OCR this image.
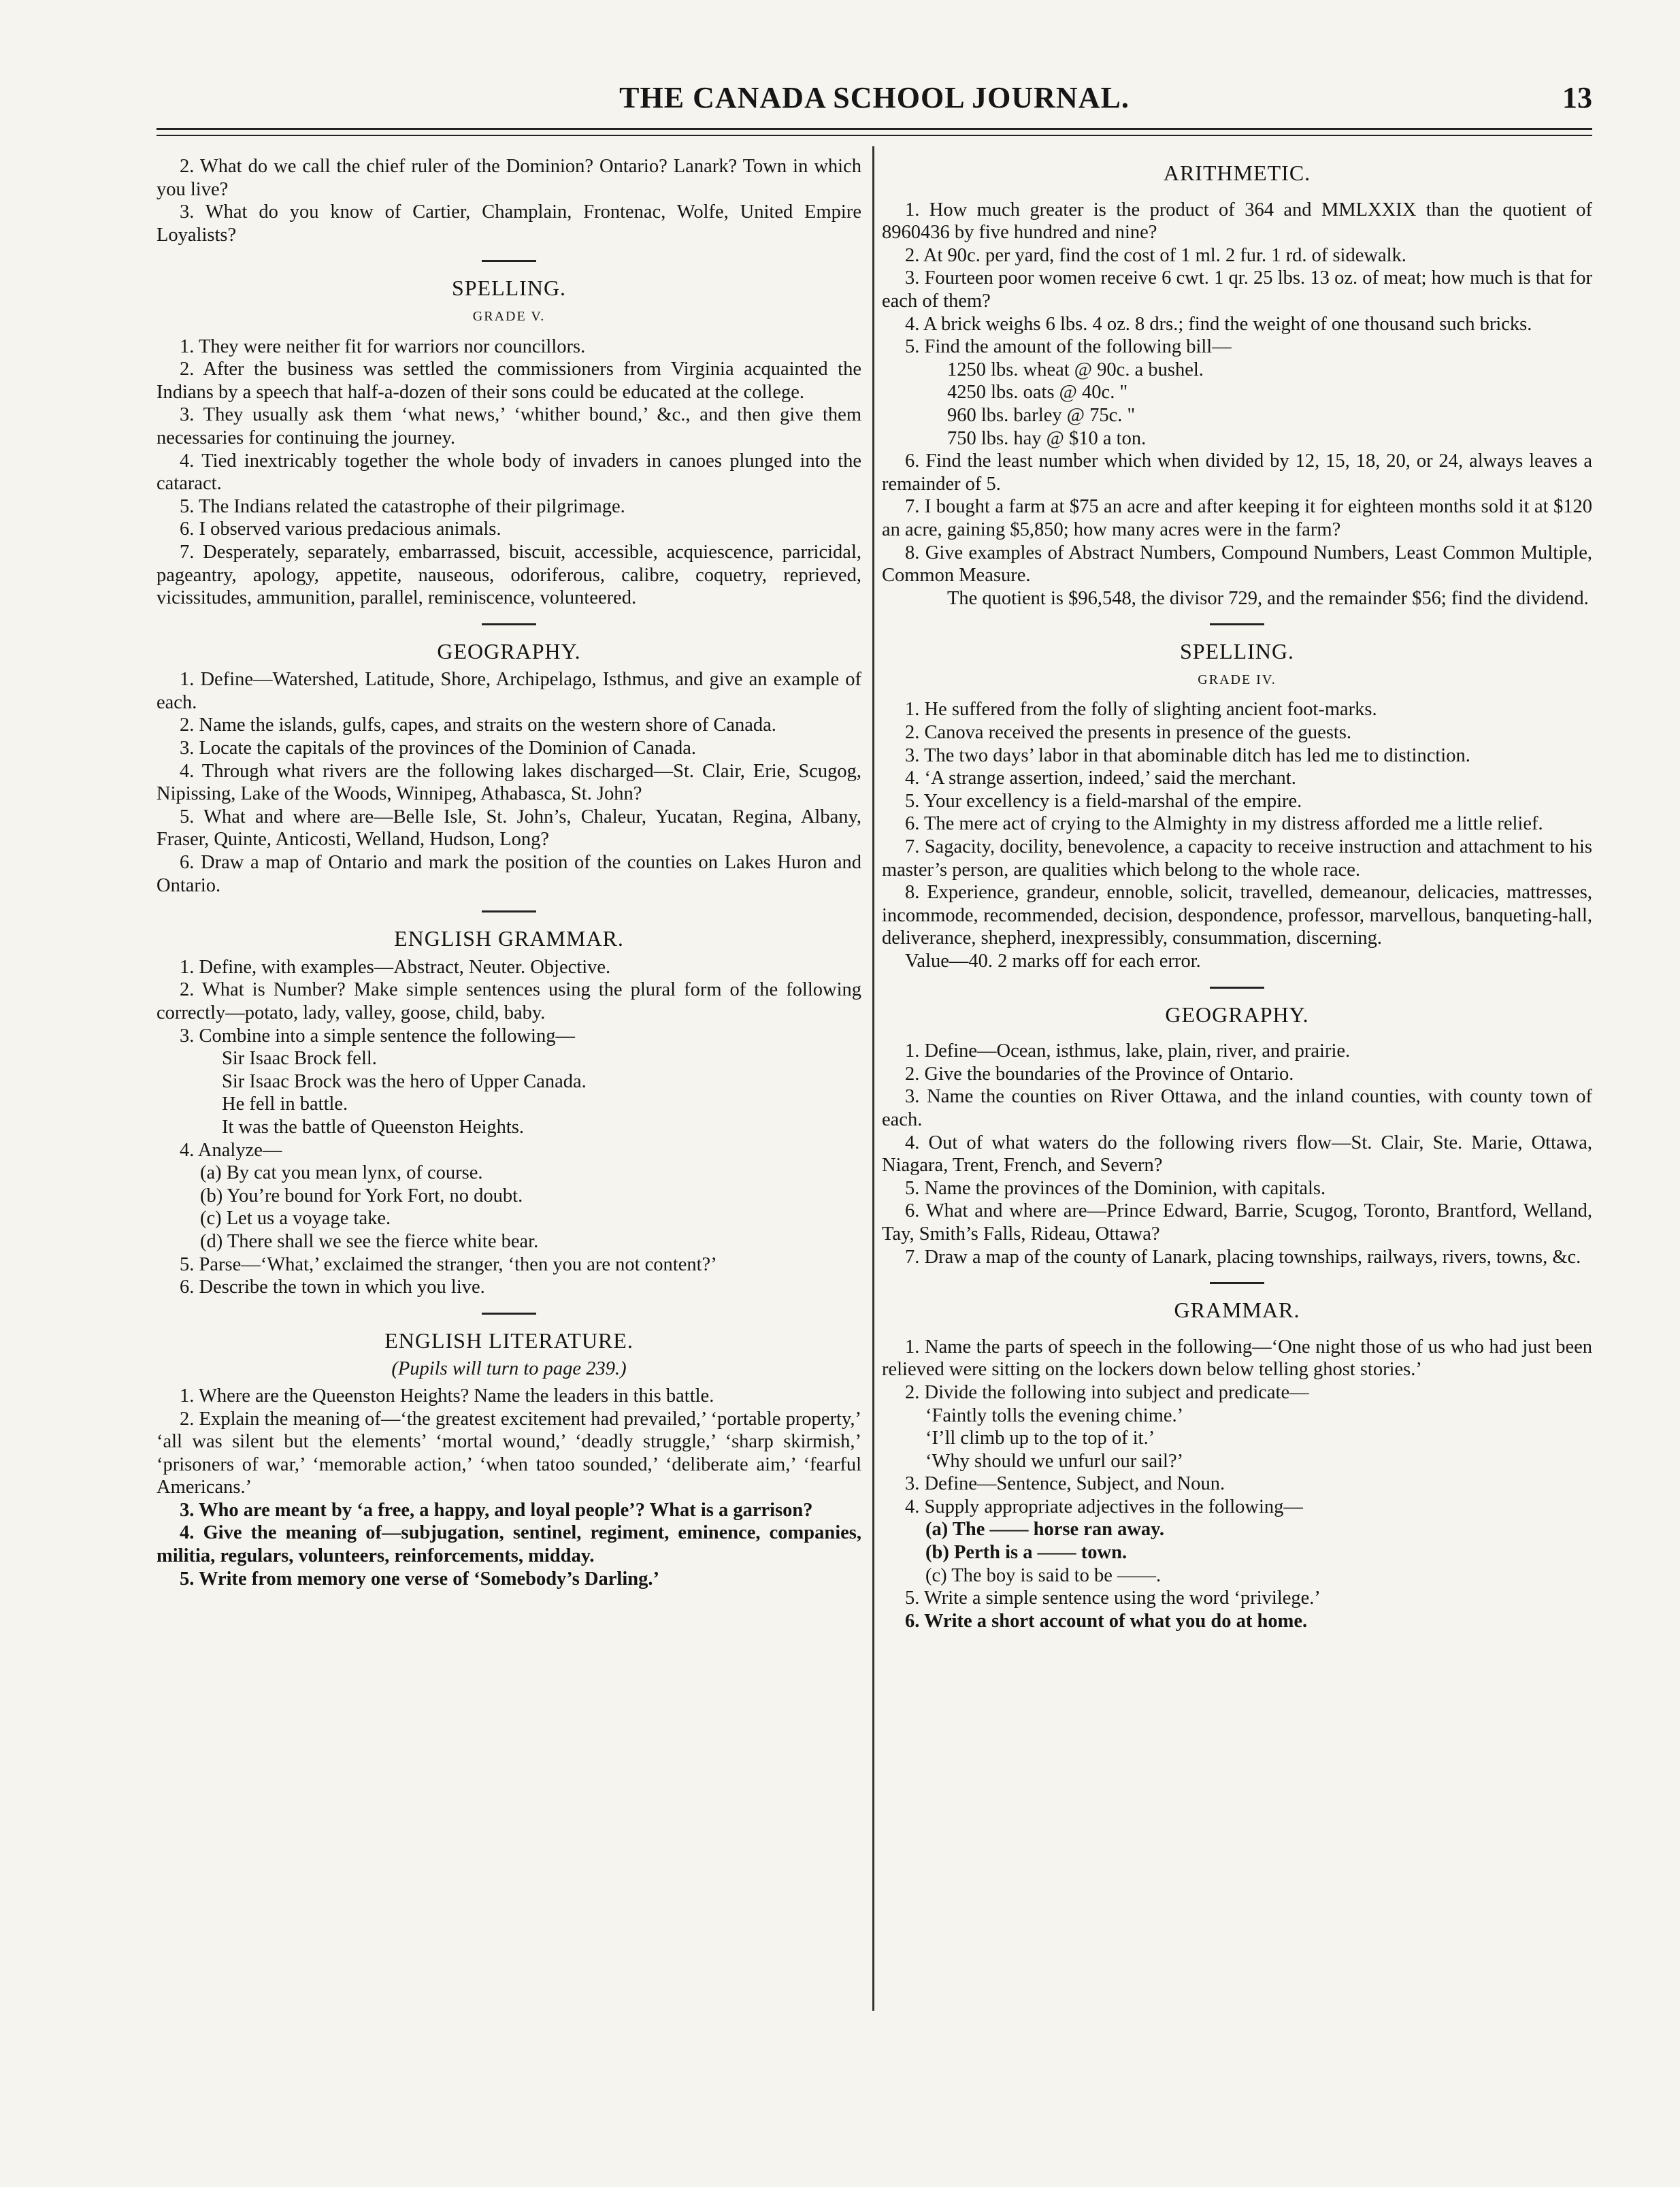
THE CANADA SCHOOL JOURNAL.	13

2. What do we call the chief ruler of the Dominion? Ontario? Lanark? Town in which you live?

3. What do you know of Cartier, Champlain, Frontenac, Wolfe, United Empire Loyalists?

SPELLING.
GRADE V.

1. They were neither fit for warriors nor councillors.

2. After the business was settled the commissioners from Virginia acquainted the Indians by a speech that half-a-dozen of their sons could be educated at the college.

3. They usually ask them ‘what news,’ ‘whither bound,’ &c., and then give them necessaries for continuing the journey.

4. Tied inextricably together the whole body of invaders in canoes plunged into the cataract.

5. The Indians related the catastrophe of their pilgrimage.

6. I observed various predacious animals.

7. Desperately, separately, embarrassed, biscuit, accessible, acquiescence, parricidal, pageantry, apology, appetite, nauseous, odoriferous, calibre, coquetry, reprieved, vicissitudes, ammunition, parallel, reminiscence, volunteered.

GEOGRAPHY.

1. Define—Watershed, Latitude, Shore, Archipelago, Isthmus, and give an example of each.

2. Name the islands, gulfs, capes, and straits on the western shore of Canada.

3. Locate the capitals of the provinces of the Dominion of Canada.

4. Through what rivers are the following lakes discharged—St. Clair, Erie, Scugog, Nipissing, Lake of the Woods, Winnipeg, Athabasca, St. John?

5. What and where are—Belle Isle, St. John’s, Chaleur, Yucatan, Regina, Albany, Fraser, Quinte, Anticosti, Welland, Hudson, Long?

6. Draw a map of Ontario and mark the position of the counties on Lakes Huron and Ontario.

ENGLISH GRAMMAR.

1. Define, with examples—Abstract, Neuter. Objective.

2. What is Number? Make simple sentences using the plural form of the following correctly—potato, lady, valley, goose, child, baby.

3. Combine into a simple sentence the following—

Sir Isaac Brock fell.

Sir Isaac Brock was the hero of Upper Canada.

He fell in battle.

It was the battle of Queenston Heights.

4. Analyze—

(a) By cat you mean lynx, of course.

(b) You’re bound for York Fort, no doubt.

(c) Let us a voyage take.

(d) There shall we see the fierce white bear.

5. Parse—‘What,’ exclaimed the stranger, ‘then you are not content?’

6. Describe the town in which you live.

ENGLISH LITERATURE.
(Pupils will turn to page 239.)

1. Where are the Queenston Heights? Name the leaders in this battle.

2. Explain the meaning of—‘the greatest excitement had prevailed,’ ‘portable property,’ ‘all was silent but the elements’ ‘mortal wound,’ ‘deadly struggle,’ ‘sharp skirmish,’ ‘prisoners of war,’ ‘memorable action,’ ‘when tatoo sounded,’ ‘deliberate aim,’ ‘fearful Americans.’

3. Who are meant by ‘a free, a happy, and loyal people’? What is a garrison?

4. Give the meaning of—subjugation, sentinel, regiment, eminence, companies, militia, regulars, volunteers, reinforcements, midday.

5. Write from memory one verse of ‘Somebody’s Darling.’

ARITHMETIC.

1. How much greater is the product of 364 and MMLXXIX than the quotient of 8960436 by five hundred and nine?

2. At 90c. per yard, find the cost of 1 ml. 2 fur. 1 rd. of sidewalk.

3. Fourteen poor women receive 6 cwt. 1 qr. 25 lbs. 13 oz. of meat; how much is that for each of them?

4. A brick weighs 6 lbs. 4 oz. 8 drs.; find the weight of one thousand such bricks.

5. Find the amount of the following bill—

1250 lbs. wheat @ 90c. a bushel.

4250 lbs. oats @ 40c. "

960 lbs. barley @ 75c. "

750 lbs. hay @ $10 a ton.

6. Find the least number which when divided by 12, 15, 18, 20, or 24, always leaves a remainder of 5.

7. I bought a farm at $75 an acre and after keeping it for eighteen months sold it at $120 an acre, gaining $5,850; how many acres were in the farm?

8. Give examples of Abstract Numbers, Compound Numbers, Least Common Multiple, Common Measure.

The quotient is $96,548, the divisor 729, and the remainder $56; find the dividend.

SPELLING.
GRADE IV.

1. He suffered from the folly of slighting ancient foot-marks.

2. Canova received the presents in presence of the guests.

3. The two days’ labor in that abominable ditch has led me to distinction.

4. ‘A strange assertion, indeed,’ said the merchant.

5. Your excellency is a field-marshal of the empire.

6. The mere act of crying to the Almighty in my distress afforded me a little relief.

7. Sagacity, docility, benevolence, a capacity to receive instruction and attachment to his master’s person, are qualities which belong to the whole race.

8. Experience, grandeur, ennoble, solicit, travelled, demeanour, delicacies, mattresses, incommode, recommended, decision, despondence, professor, marvellous, banqueting-hall, deliverance, shepherd, inexpressibly, consummation, discerning.

Value—40. 2 marks off for each error.

GEOGRAPHY.

1. Define—Ocean, isthmus, lake, plain, river, and prairie.

2. Give the boundaries of the Province of Ontario.

3. Name the counties on River Ottawa, and the inland counties, with county town of each.

4. Out of what waters do the following rivers flow—St. Clair, Ste. Marie, Ottawa, Niagara, Trent, French, and Severn?

5. Name the provinces of the Dominion, with capitals.

6. What and where are—Prince Edward, Barrie, Scugog, Toronto, Brantford, Welland, Tay, Smith’s Falls, Rideau, Ottawa?

7. Draw a map of the county of Lanark, placing townships, railways, rivers, towns, &c.

GRAMMAR.

1. Name the parts of speech in the following—‘One night those of us who had just been relieved were sitting on the lockers down below telling ghost stories.’

2. Divide the following into subject and predicate—

‘Faintly tolls the evening chime.’

‘I’ll climb up to the top of it.’

‘Why should we unfurl our sail?’

3. Define—Sentence, Subject, and Noun.

4. Supply appropriate adjectives in the following—

(a) The —— horse ran away.

(b) Perth is a —— town.

(c) The boy is said to be ——.

5. Write a simple sentence using the word ‘privilege.’

6. Write a short account of what you do at home.
